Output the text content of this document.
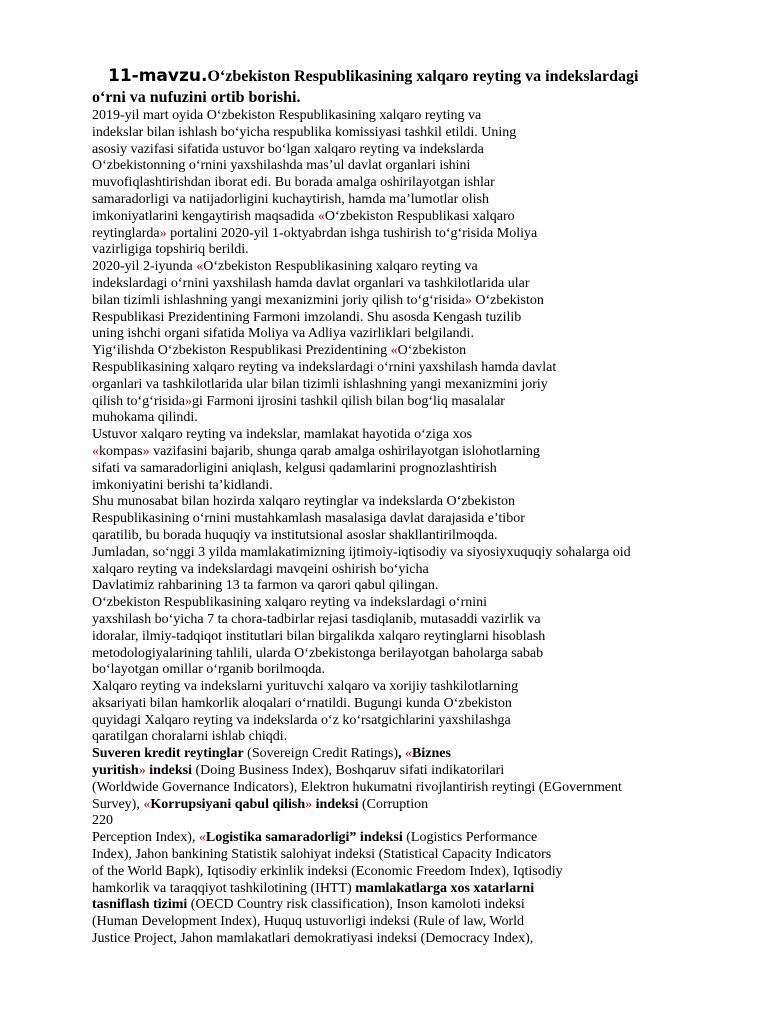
11-mavzu.O‘zbekiston Respublikasining xalqaro reyting va indekslardagi
o‘rni va nufuzini ortib borishi.
2019-yil mart oyida O‘zbekiston Respublikasining xalqaro reyting va
indekslar bilan ishlash bo‘yicha respublika komissiyasi tashkil etildi. Uning
asosiy vazifasi sifatida ustuvor bo‘lgan xalqaro reyting va indekslarda
O‘zbekistonning o‘rnini yaxshilashda mas’ul davlat organlari ishini
muvofiqlashtirishdan iborat edi. Bu borada amalga oshirilayotgan ishlar
samaradorligi va natijadorligini kuchaytirish, hamda ma’lumotlar olish
imkoniyatlarini kengaytirish maqsadida «O‘zbekiston Respublikasi xalqaro
reytinglarda» portalini 2020-yil 1-oktyabrdan ishga tushirish to‘g‘risida Moliya
vazirligiga topshiriq berildi.
2020-yil 2-iyunda «O‘zbekiston Respublikasining xalqaro reyting va
indekslardagi o‘rnini yaxshilash hamda davlat organlari va tashkilotlarida ular
bilan tizimli ishlashning yangi mexanizmini joriy qilish to‘g‘risida» O‘zbekiston
Respublikasi Prezidentining Farmoni imzolandi. Shu asosda Kengash tuzilib
uning ishchi organi sifatida Moliya va Adliya vazirliklari belgilandi.
Yig‘ilishda O‘zbekiston Respublikasi Prezidentining «O‘zbekiston
Respublikasining xalqaro reyting va indekslardagi o‘rnini yaxshilash hamda davlat
organlari va tashkilotlarida ular bilan tizimli ishlashning yangi mexanizmini joriy
qilish to‘g‘risida»gi Farmoni ijrosini tashkil qilish bilan bog‘liq masalalar
muhokama qilindi.
Ustuvor xalqaro reyting va indekslar, mamlakat hayotida o‘ziga xos
«kompas» vazifasini bajarib, shunga qarab amalga oshirilayotgan islohotlarning
sifati va samaradorligini aniqlash, kelgusi qadamlarini prognozlashtirish
imkoniyatini berishi ta’kidlandi.
Shu munosabat bilan hozirda xalqaro reytinglar va indekslarda O‘zbekiston
Respublikasining o‘rnini mustahkamlash masalasiga davlat darajasida e’tibor
qaratilib, bu borada huquqiy va institutsional asoslar shakllantirilmoqda.
Jumladan, so‘nggi 3 yilda mamlakatimizning ijtimoiy-iqtisodiy va siyosiyxuquqiy sohalarga oid
xalqaro reyting va indekslardagi mavqeini oshirish bo‘yicha
Davlatimiz rahbarining 13 ta farmon va qarori qabul qilingan.
O‘zbekiston Respublikasining xalqaro reyting va indekslardagi o‘rnini
yaxshilash bo‘yicha 7 ta chora-tadbirlar rejasi tasdiqlanib, mutasaddi vazirlik va
idoralar, ilmiy-tadqiqot institutlari bilan birgalikda xalqaro reytinglarni hisoblash
metodologiyalarining tahlili, ularda O‘zbekistonga berilayotgan baholarga sabab
bo‘layotgan omillar o‘rganib borilmoqda.
Xalqaro reyting va indekslarni yurituvchi xalqaro va xorijiy tashkilotlarning
aksariyati bilan hamkorlik aloqalari o‘rnatildi. Bugungi kunda O‘zbekiston
quyidagi Xalqaro reyting va indekslarda o‘z ko‘rsatgichlarini yaxshilashga
qaratilgan choralarni ishlab chiqdi.
Suveren kredit reytinglar (Sovereign Credit Ratings), «Biznes
yuritish» indeksi (Doing Business Index), Boshqaruv sifati indikatorilari
(Worldwide Governance Indicators), Elektron hukumatni rivojlantirish reytingi (EGovernment
Survey), «Korrupsiyani qabul qilish» indeksi (Corruption
220
Perception Index), «Logistika samaradorligi” indeksi (Logistics Performance
Index), Jahon bankining Statistik salohiyat indeksi (Statistical Capacity Indicators
of the World Bapk), Iqtisodiy erkinlik indeksi (Economic Freedom Index), Iqtisodiy
hamkorlik va taraqqiyot tashkilotining (IHTT) mamlakatlarga xos xatarlarni
tasniflash tizimi (OECD Country risk classification), Inson kamoloti indeksi
(Human Development Index), Huquq ustuvorligi indeksi (Rule of law, World
Justice Project, Jahon mamlakatlari demokratiyasi indeksi (Democracy Index),
